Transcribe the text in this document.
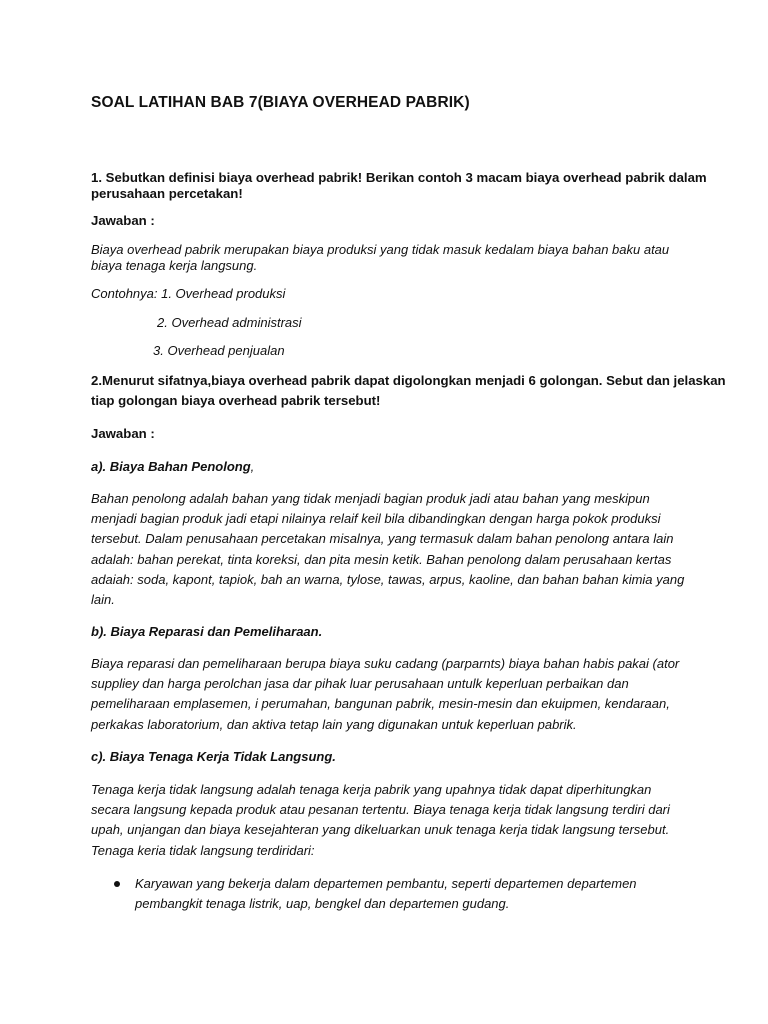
SOAL LATIHAN BAB 7(BIAYA OVERHEAD PABRIK)

1. Sebutkan definisi biaya overhead pabrik! Berikan contoh 3 macam biaya overhead pabrik dalam

perusahaan percetakan!

Jawaban :

Biaya overhead pabrik merupakan biaya produksi yang tidak masuk kedalam biaya bahan baku atau

biaya tenaga kerja langsung.

Contohnya: 1. Overhead produksi

2. Overhead administrasi

3. Overhead penjualan

2.Menurut sifatnya,biaya overhead pabrik dapat digolongkan menjadi 6 golongan. Sebut dan jelaskan

tiap golongan biaya overhead pabrik tersebut!

Jawaban :

a). Biaya Bahan Penolong,

Bahan penolong adalah bahan yang tidak menjadi bagian produk jadi atau bahan yang meskipun
menjadi bagian produk jadi etapi nilainya relaif keil bila dibandingkan dengan harga pokok produksi
tersebut. Dalam penusahaan percetakan misalnya, yang termasuk dalam bahan penolong antara lain
adalah: bahan perekat, tinta koreksi, dan pita mesin ketik. Bahan penolong dalam perusahaan kertas
adaiah: soda, kapont, tapiok, bah an warna, tylose, tawas, arpus, kaoline, dan bahan bahan kimia yang
lain.

b). Biaya Reparasi dan Pemeliharaan.

Biaya reparasi dan pemeliharaan berupa biaya suku cadang (parparnts) biaya bahan habis pakai (ator
suppliey dan harga perolchan jasa dar pihak luar perusahaan untulk keperluan perbaikan dan
pemeliharaan emplasemen, i perumahan, bangunan pabrik, mesin-mesin dan ekuipmen, kendaraan,
perkakas laboratorium, dan aktiva tetap lain yang digunakan untuk keperluan pabrik.

c). Biaya Tenaga Kerja Tidak Langsung.

Tenaga kerja tidak langsung adalah tenaga kerja pabrik yang upahnya tidak dapat diperhitungkan
secara langsung kepada produk atau pesanan tertentu. Biaya tenaga kerja tidak langsung terdiri dari
upah, unjangan dan biaya kesejahteran yang dikeluarkan unuk tenaga kerja tidak langsung tersebut.
Tenaga keria tidak langsung terdiridari:
Karyawan yang bekerja dalam departemen pembantu, seperti departemen departemen
pembangkit tenaga listrik, uap, bengkel dan departemen gudang.
